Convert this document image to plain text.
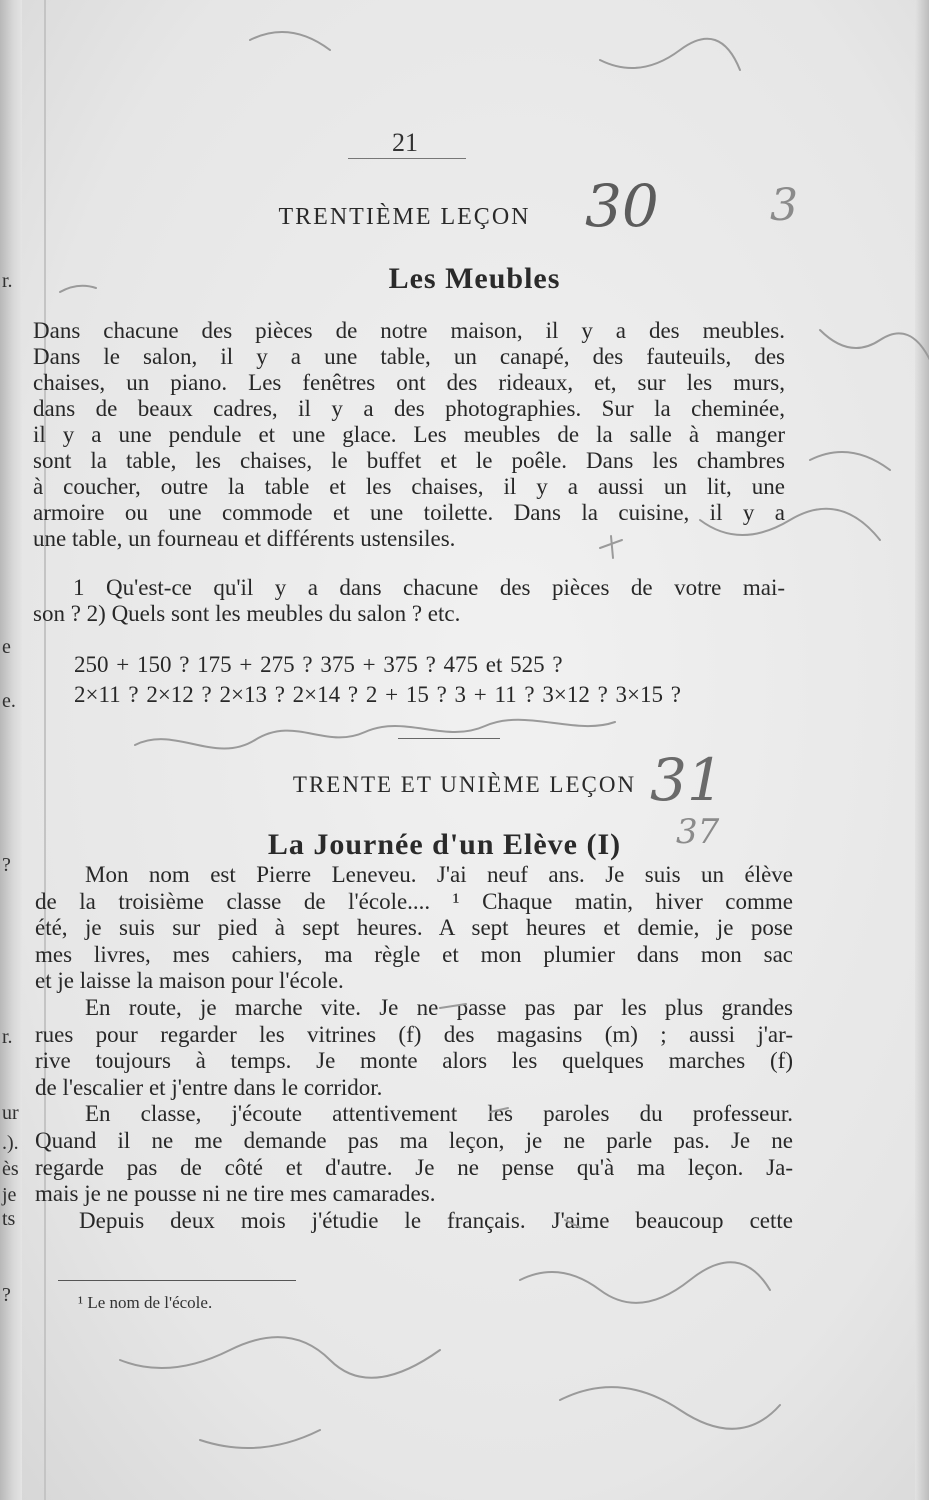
r.
e
e.
?
r.
ur
.).
ès
je
ts
?
21
TRENTIÈME LEÇON
Les Meubles
Dans chacune des pièces de notre maison, il y a des meubles.
Dans le salon, il y a une table, un canapé, des fauteuils, des
chaises, un piano. Les fenêtres ont des rideaux, et, sur les murs,
dans de beaux cadres, il y a des photographies. Sur la cheminée,
il y a une pendule et une glace. Les meubles de la salle à manger
sont la table, les chaises, le buffet et le poêle. Dans les chambres
à coucher, outre la table et les chaises, il y a aussi un lit, une
armoire ou une commode et une toilette. Dans la cuisine, il y a
une table, un fourneau et différents ustensiles.
1 Qu'est-ce qu'il y a dans chacune des pièces de votre mai-
son ? 2) Quels sont les meubles du salon ? etc.
250 + 150 ? 175 + 275 ? 375 + 375 ? 475 et 525 ?
2×11 ? 2×12 ? 2×13 ? 2×14 ? 2 + 15 ? 3 + 11 ? 3×12 ? 3×15 ?
TRENTE ET UNIÈME LEÇON
La Journée d'un Elève (I)
Mon nom est Pierre Leneveu. J'ai neuf ans. Je suis un élève
de la troisième classe de l'école.... ¹ Chaque matin, hiver comme
été, je suis sur pied à sept heures. A sept heures et demie, je pose
mes livres, mes cahiers, ma règle et mon plumier dans mon sac
et je laisse la maison pour l'école.
En route, je marche vite. Je ne passe pas par les plus grandes
rues pour regarder les vitrines (f) des magasins (m) ; aussi j'ar-
rive toujours à temps. Je monte alors les quelques marches (f)
de l'escalier et j'entre dans le corridor.
En classe, j'écoute attentivement les paroles du professeur.
Quand il ne me demande pas ma leçon, je ne parle pas. Je ne
regarde pas de côté et d'autre. Je ne pense qu'à ma leçon. Ja-
mais je ne pousse ni ne tire mes camarades.
Depuis deux mois j'étudie le français. J'aime beaucoup cette
¹ Le nom de l'école.
30	3
31
37
